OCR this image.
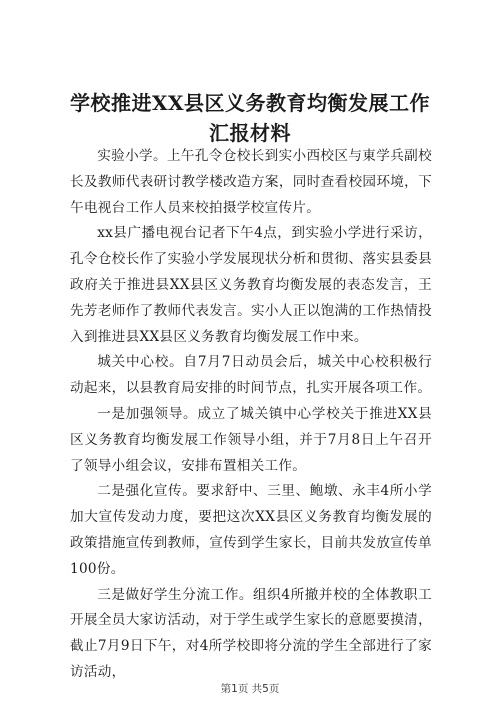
学校推进XX县区义务教育均衡发展工作汇报材料

实验小学。上午孔令仓校长到实小西校区与東学兵副校长及教师代表研讨教学楼改造方案，同时查看校园环境，下午电视台工作人员来校拍摄学校宣传片。

xx县广播电视台记者下午4点，到实验小学进行采访，孔令仓校长作了实验小学发展现状分析和贯彻、落实县委县政府关于推进县XX县区义务教育均衡发展的表态发言，王先芳老师作了教师代表发言。实小人正以饱满的工作热情投入到推进县XX县区义务教育均衡发展工作中来。

城关中心校。自7月7日动员会后，城关中心校积极行动起来，以县教育局安排的时间节点，扎实开展各项工作。

一是加强领导。成立了城关镇中心学校关于推进XX县区义务教育均衡发展工作领导小组，并于7月8日上午召开了领导小组会议，安排布置相关工作。

二是强化宣传。要求舒中、三里、鲍墩、永丰4所小学加大宣传发动力度，要把这次XX县区义务教育均衡发展的政策措施宣传到教师，宣传到学生家长，目前共发放宣传单100份。

三是做好学生分流工作。组织4所撤并校的全体教职工开展全员大家访活动，对于学生或学生家长的意愿要摸清，截止7月9日下午，对4所学校即将分流的学生全部进行了家访活动，

第1页 共5页
